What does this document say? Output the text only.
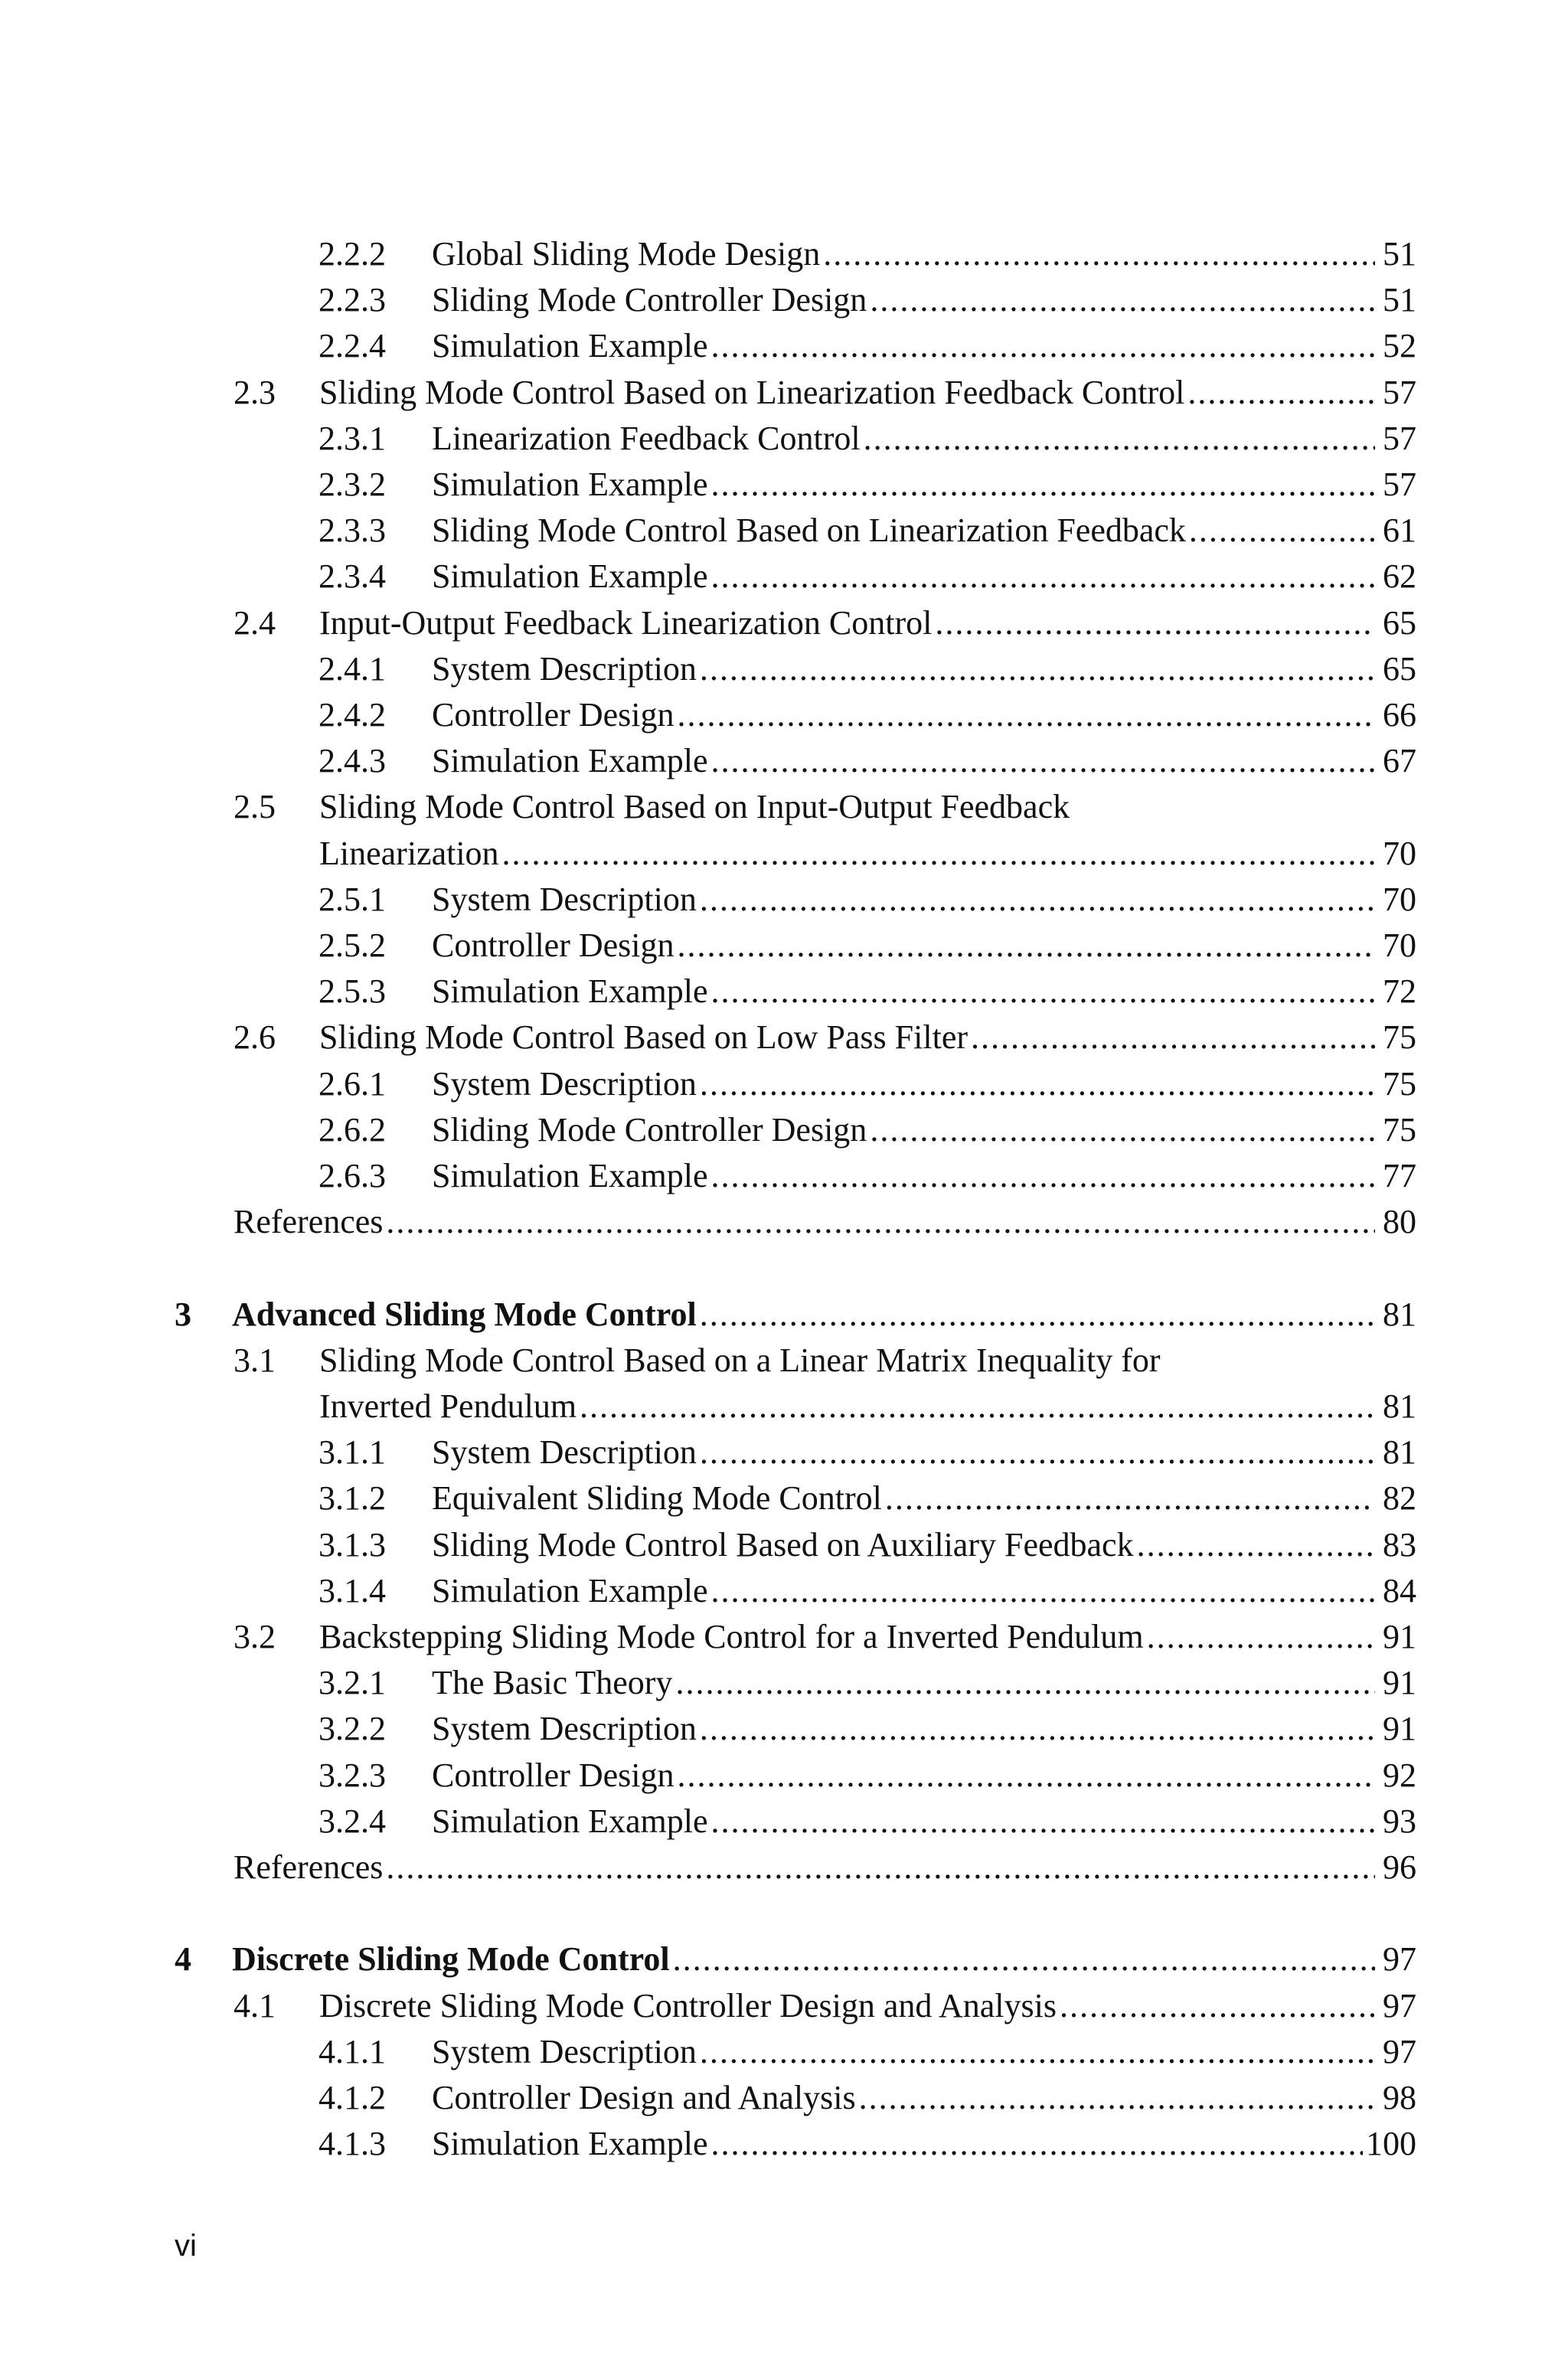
2.2.2 Global Sliding Mode Design .....	51
2.2.3 Sliding Mode Controller Design .....	51
2.2.4 Simulation Example .....	52
2.3 Sliding Mode Control Based on Linearization Feedback Control .....	57
2.3.1 Linearization Feedback Control .....	57
2.3.2 Simulation Example .....	57
2.3.3 Sliding Mode Control Based on Linearization Feedback .....	61
2.3.4 Simulation Example .....	62
2.4 Input-Output Feedback Linearization Control .....	65
2.4.1 System Description .....	65
2.4.2 Controller Design .....	66
2.4.3 Simulation Example .....	67
2.5 Sliding Mode Control Based on Input-Output Feedback
Linearization .....	70
2.5.1 System Description .....	70
2.5.2 Controller Design .....	70
2.5.3 Simulation Example .....	72
2.6 Sliding Mode Control Based on Low Pass Filter .....	75
2.6.1 System Description .....	75
2.6.2 Sliding Mode Controller Design .....	75
2.6.3 Simulation Example .....	77
References .....	80
3 Advanced Sliding Mode Control .....	81
3.1 Sliding Mode Control Based on a Linear Matrix Inequality for
Inverted Pendulum .....	81
3.1.1 System Description .....	81
3.1.2 Equivalent Sliding Mode Control .....	82
3.1.3 Sliding Mode Control Based on Auxiliary Feedback .....	83
3.1.4 Simulation Example .....	84
3.2 Backstepping Sliding Mode Control for a Inverted Pendulum .....	91
3.2.1 The Basic Theory .....	91
3.2.2 System Description .....	91
3.2.3 Controller Design .....	92
3.2.4 Simulation Example .....	93
References .....	96
4 Discrete Sliding Mode Control .....	97
4.1 Discrete Sliding Mode Controller Design and Analysis .....	97
4.1.1 System Description .....	97
4.1.2 Controller Design and Analysis .....	98
4.1.3 Simulation Example .....	100
vi
